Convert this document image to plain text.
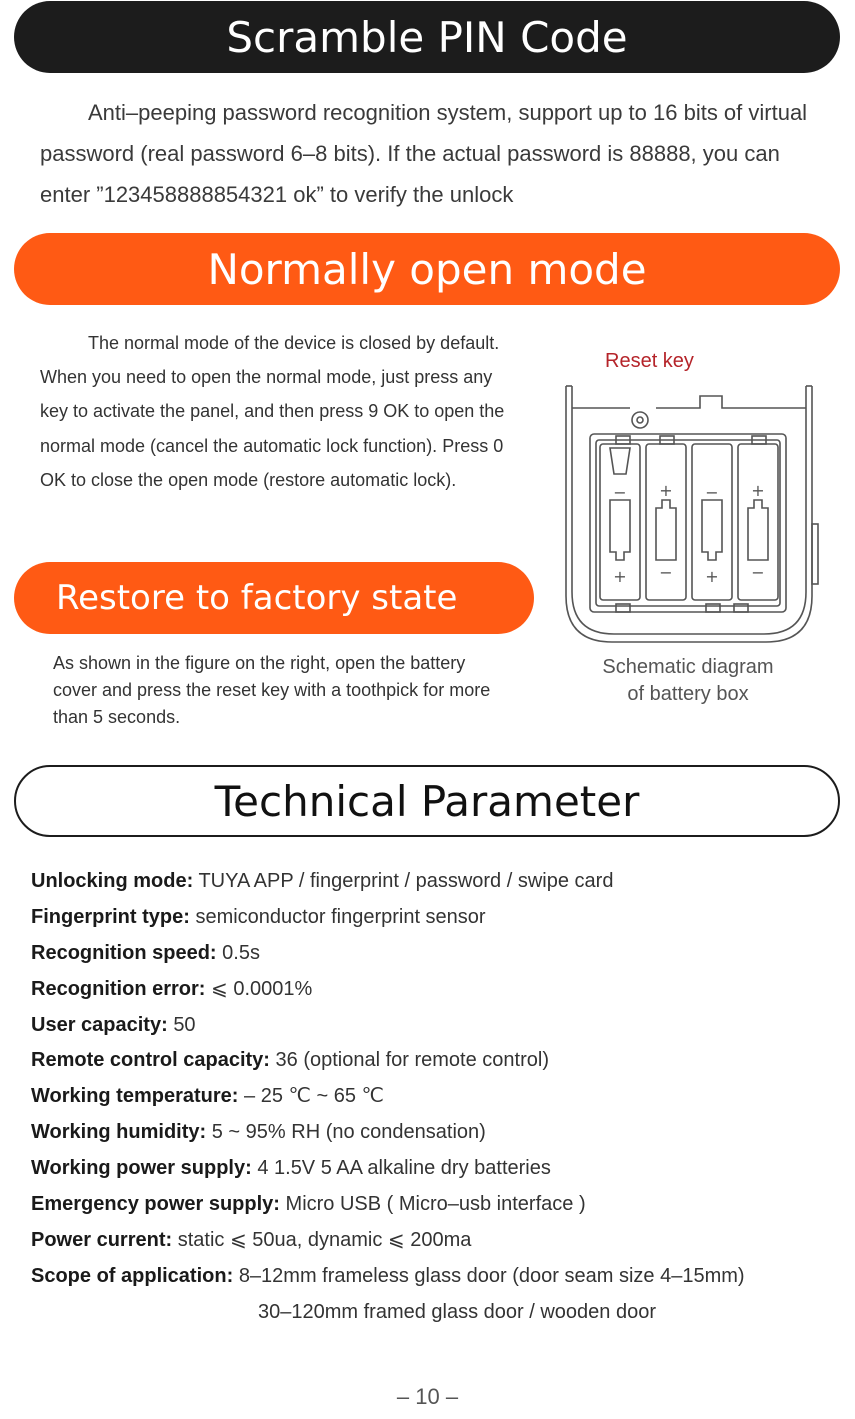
Scramble PIN Code
Anti–peeping password recognition system, support up to 16 bits of virtual password (real password 6–8 bits). If the actual password is 88888, you can enter ”123458888854321 ok” to verify the unlock
Normally open mode
The normal mode of the device is closed by default. When you need to open the normal mode, just press any key to activate the panel, and then press 9 OK to open the normal mode (cancel the automatic lock function). Press 0 OK to close the open mode (restore automatic lock).
Restore to factory state
As shown in the figure on the right, open the battery cover and press the reset key with a toothpick for more than 5 seconds.
Reset key
−
+
+
−
−
+
+
−
Schematic diagram
of battery box
Technical Parameter
Unlocking mode: TUYA APP / fingerprint / password / swipe card
Fingerprint type: semiconductor fingerprint sensor
Recognition speed: 0.5s
Recognition error: ⩽ 0.0001%
User capacity: 50
Remote control capacity: 36 (optional for remote control)
Working temperature: – 25 ℃ ~ 65 ℃
Working humidity: 5 ~ 95% RH (no condensation)
Working power supply: 4 1.5V 5 AA alkaline dry batteries
Emergency power supply: Micro USB ( Micro–usb interface )
Power current: static ⩽ 50ua, dynamic ⩽ 200ma
Scope of application: 8–12mm frameless glass door (door seam size 4–15mm)
30–120mm framed glass door / wooden door
– 10 –
